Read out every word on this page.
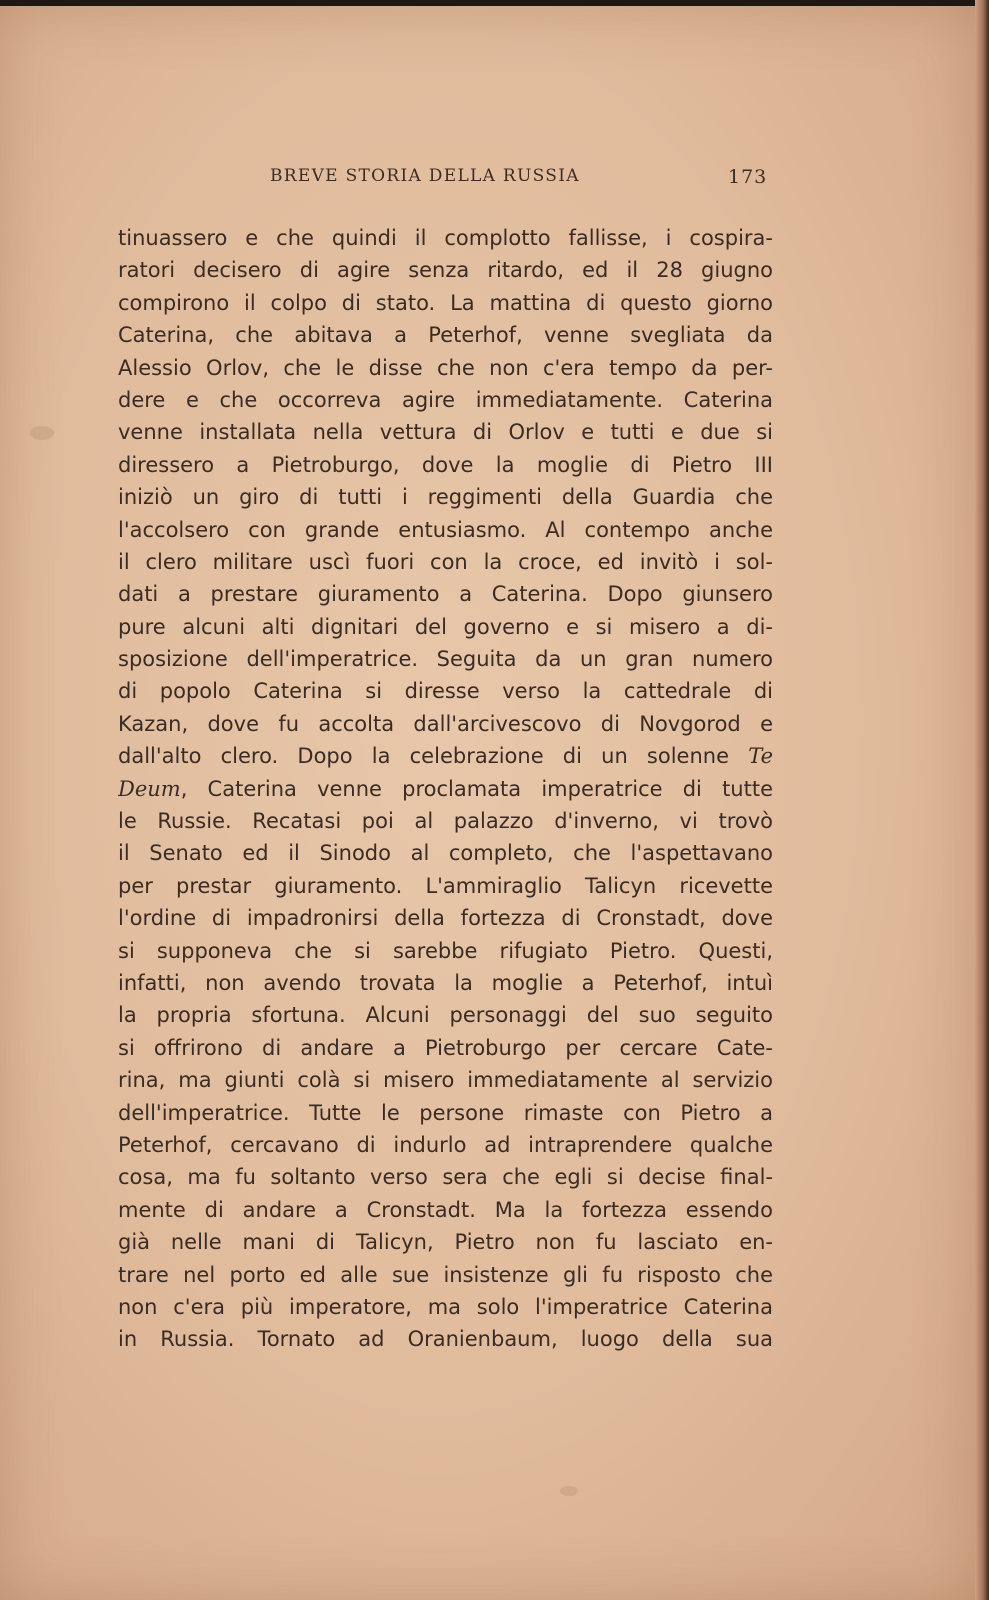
BREVE STORIA DELLA RUSSIA	173
tinuassero e che quindi il complotto fallisse, i cospira-
ratori decisero di agire senza ritardo, ed il 28 giugno
compirono il colpo di stato. La mattina di questo giorno
Caterina, che abitava a Peterhof, venne svegliata da
Alessio Orlov, che le disse che non c'era tempo da per-
dere e che occorreva agire immediatamente. Caterina
venne installata nella vettura di Orlov e tutti e due si
diressero a Pietroburgo, dove la moglie di Pietro III
iniziò un giro di tutti i reggimenti della Guardia che
l'accolsero con grande entusiasmo. Al contempo anche
il clero militare uscì fuori con la croce, ed invitò i sol-
dati a prestare giuramento a Caterina. Dopo giunsero
pure alcuni alti dignitari del governo e si misero a di-
sposizione dell'imperatrice. Seguita da un gran numero
di popolo Caterina si diresse verso la cattedrale di
Kazan, dove fu accolta dall'arcivescovo di Novgorod e
dall'alto clero. Dopo la celebrazione di un solenne Te
Deum, Caterina venne proclamata imperatrice di tutte
le Russie. Recatasi poi al palazzo d'inverno, vi trovò
il Senato ed il Sinodo al completo, che l'aspettavano
per prestar giuramento. L'ammiraglio Talicyn ricevette
l'ordine di impadronirsi della fortezza di Cronstadt, dove
si supponeva che si sarebbe rifugiato Pietro. Questi,
infatti, non avendo trovata la moglie a Peterhof, intuì
la propria sfortuna. Alcuni personaggi del suo seguito
si offrirono di andare a Pietroburgo per cercare Cate-
rina, ma giunti colà si misero immediatamente al servizio
dell'imperatrice. Tutte le persone rimaste con Pietro a
Peterhof, cercavano di indurlo ad intraprendere qualche
cosa, ma fu soltanto verso sera che egli si decise final-
mente di andare a Cronstadt. Ma la fortezza essendo
già nelle mani di Talicyn, Pietro non fu lasciato en-
trare nel porto ed alle sue insistenze gli fu risposto che
non c'era più imperatore, ma solo l'imperatrice Caterina
in Russia. Tornato ad Oranienbaum, luogo della sua
